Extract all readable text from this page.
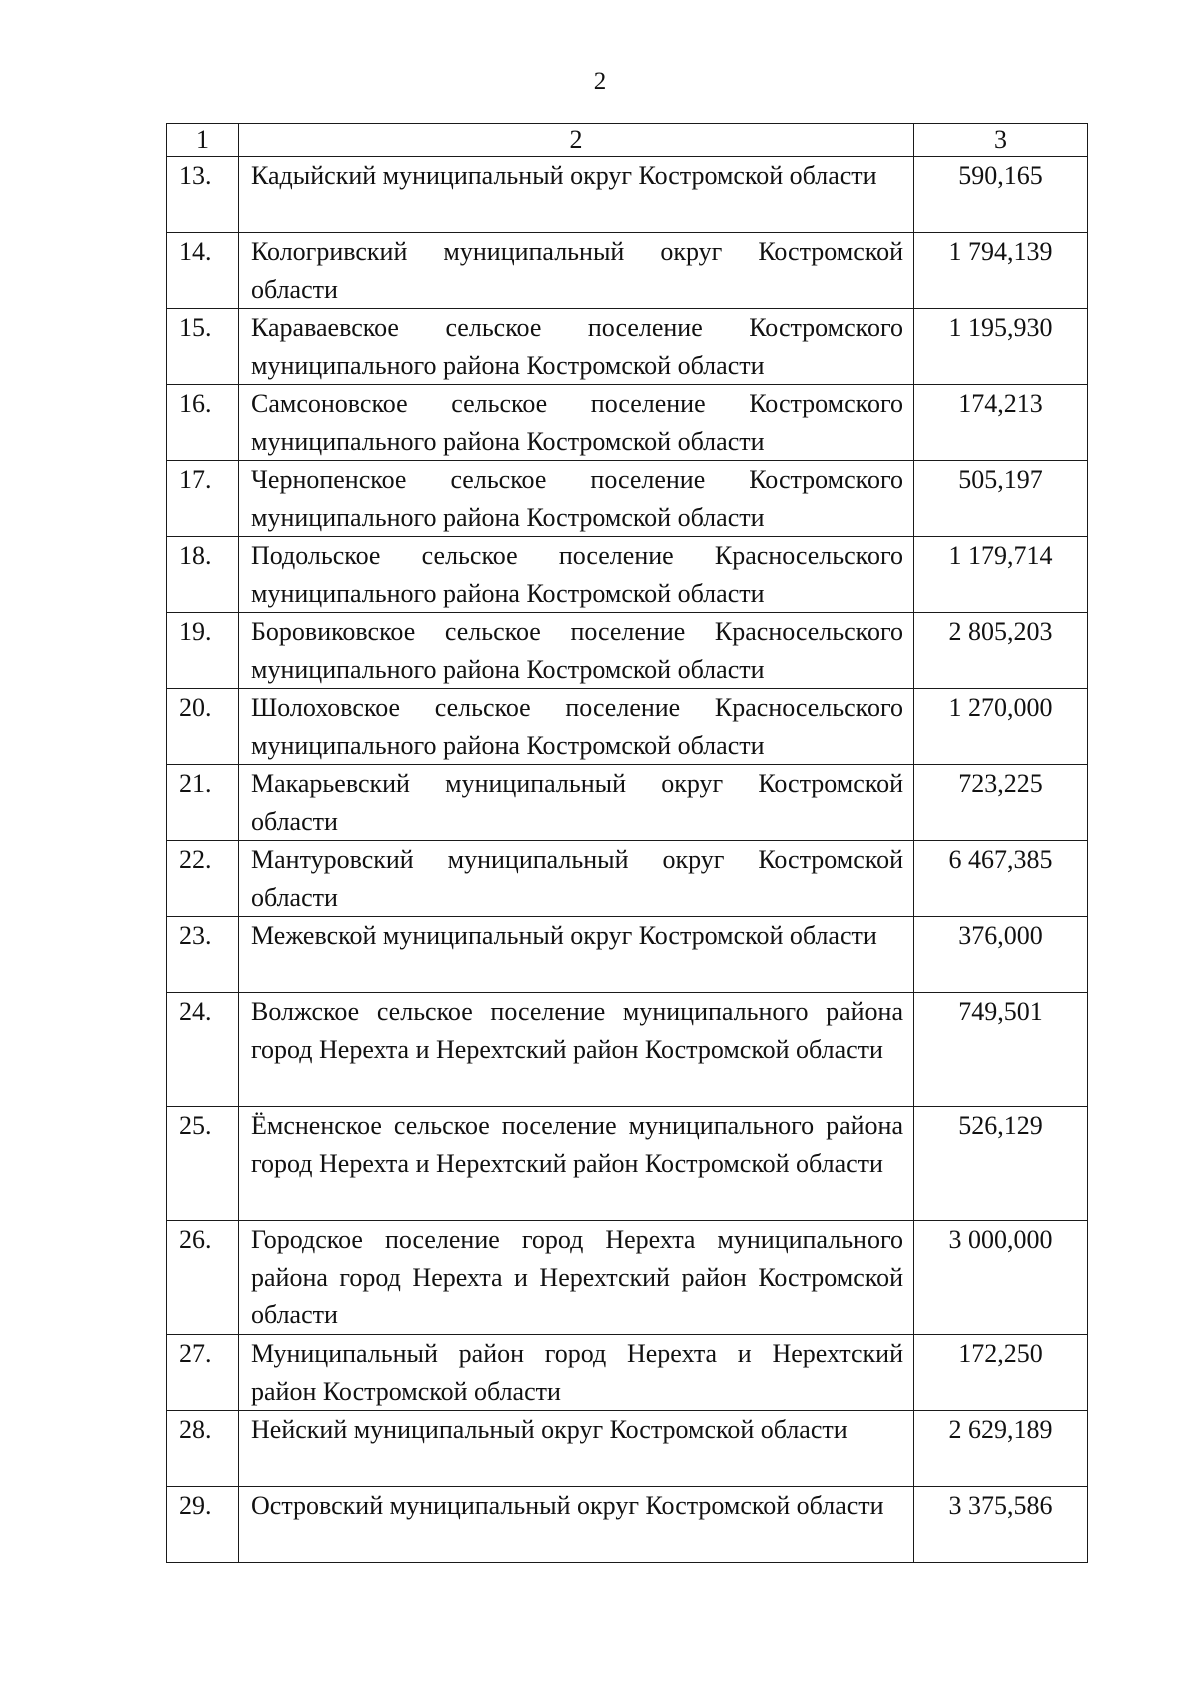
2
1	2	3
13.	Кадыйский муниципальный округ Костромской области	590,165
14.	Кологривский муниципальный округ Костромской области	1 794,139
15.	Караваевское сельское поселение Костромского муниципального района Костромской области	1 195,930
16.	Самсоновское сельское поселение Костромского муниципального района Костромской области	174,213
17.	Чернопенское сельское поселение Костромского муниципального района Костромской области	505,197
18.	Подольское сельское поселение Красносельского муниципального района Костромской области	1 179,714
19.	Боровиковское сельское поселение Красносельского муниципального района Костромской области	2 805,203
20.	Шолоховское сельское поселение Красносельского муниципального района Костромской области	1 270,000
21.	Макарьевский муниципальный округ Костромской области	723,225
22.	Мантуровский муниципальный округ Костромской области	6 467,385
23.	Межевской муниципальный округ Костромской области	376,000
24.	Волжское сельское поселение муниципального района город Нерехта и Нерехтский район Костромской области	749,501
25.	Ёмсненское сельское поселение муниципального района город Нерехта и Нерехтский район Костромской области	526,129
26.	Городское поселение город Нерехта муниципального района город Нерехта и Нерехтский район Костромской области	3 000,000
27.	Муниципальный район город Нерехта и Нерехтский район Костромской области	172,250
28.	Нейский муниципальный округ Костромской области	2 629,189
29.	Островский муниципальный округ Костромской области	3 375,586
